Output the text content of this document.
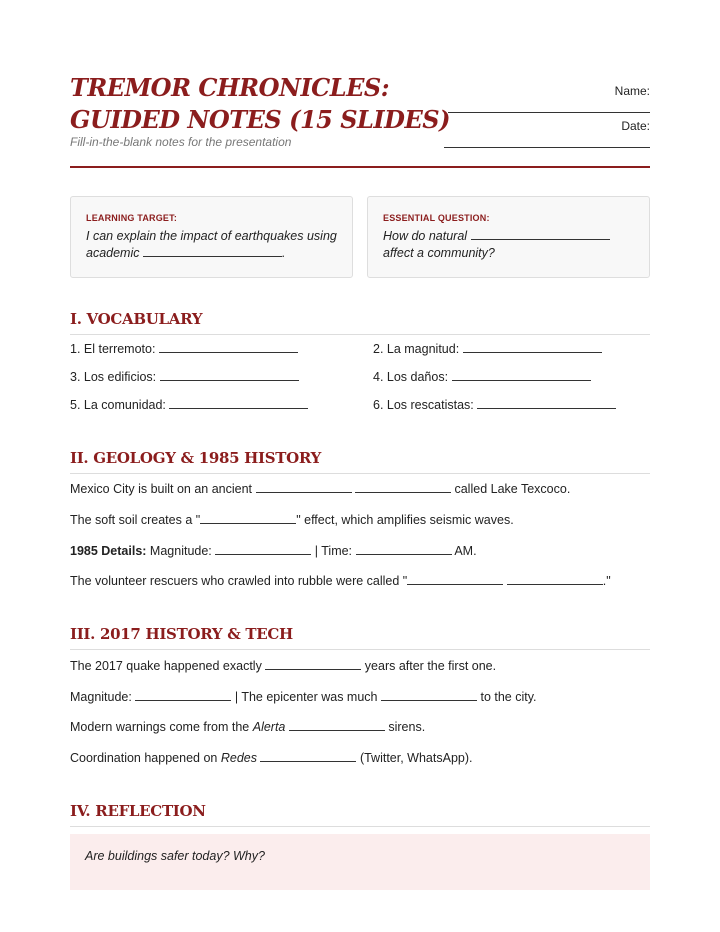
TREMOR CHRONICLES:
GUIDED NOTES (15 SLIDES)
Fill-in-the-blank notes for the presentation
Name:
Date:
LEARNING TARGET:
I can explain the impact of earthquakes using
academic	.
ESSENTIAL QUESTION:
How do natural
affect a community?
I. VOCABULARY
1. El terremoto:	2. La magnitud:
3. Los edificios:	4. Los daños:
5. La comunidad:	6. Los rescatistas:
II. GEOLOGY & 1985 HISTORY
Mexico City is built on an ancient	called Lake Texcoco.
The soft soil creates a "	" effect, which amplifies seismic waves.
1985 Details: Magnitude:	| Time:	AM.
The volunteer rescuers who crawled into rubble were called "	."
III. 2017 HISTORY & TECH
The 2017 quake happened exactly	years after the first one.
Magnitude:	| The epicenter was much	to the city.
Modern warnings come from the Alerta	sirens.
Coordination happened on Redes	(Twitter, WhatsApp).
IV. REFLECTION
Are buildings safer today? Why?
